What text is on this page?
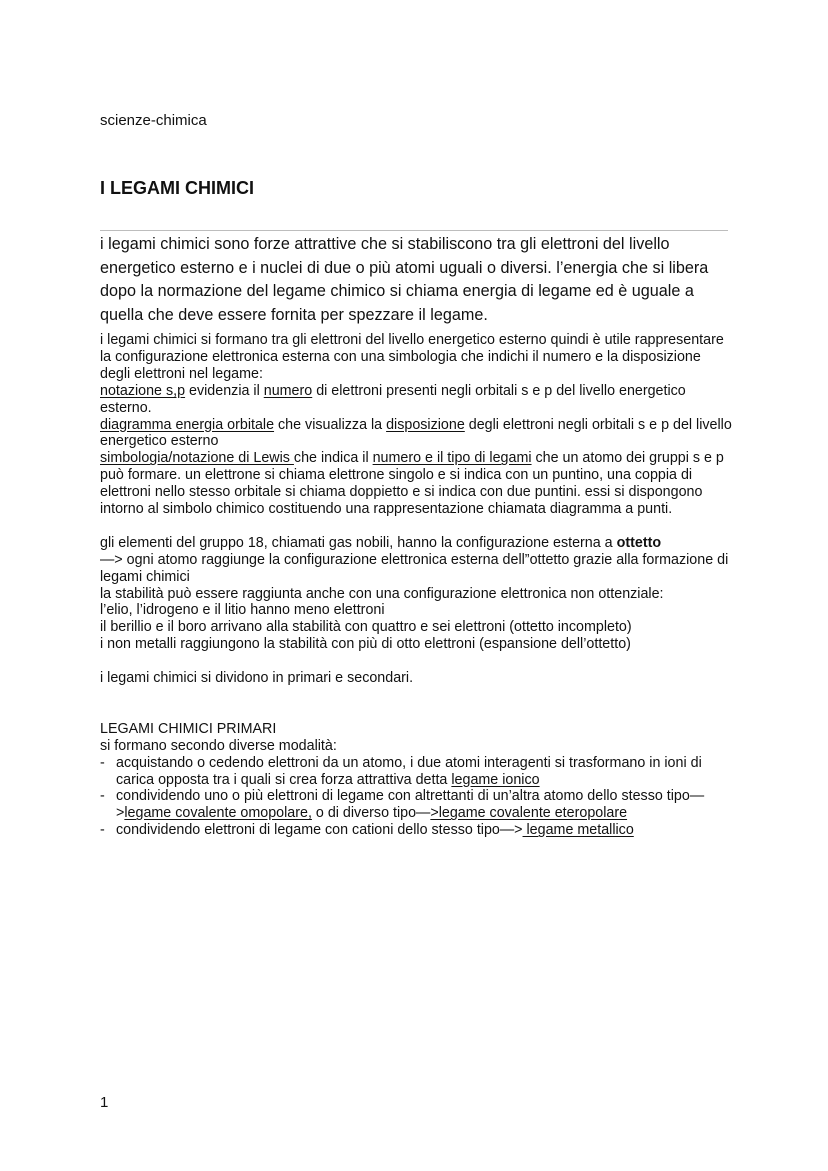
scienze-chimica
I LEGAMI CHIMICI

i legami chimici sono forze attrattive che si stabiliscono tra gli elettroni del livello energetico esterno e i nuclei di due o più atomi uguali o diversi. l’energia che si libera dopo la normazione del legame chimico si chiama energia di legame ed è uguale a quella che deve essere fornita per spezzare il legame.

i legami chimici si formano tra gli elettroni del livello energetico esterno quindi è utile rappresentare la configurazione elettronica esterna con una simbologia che indichi il numero e la disposizione degli elettroni nel legame:

notazione s,p evidenzia il numero di elettroni presenti negli orbitali s e p del livello energetico esterno.

diagramma energia orbitale che visualizza la disposizione degli elettroni negli orbitali s e p del livello energetico esterno

simbologia/notazione di Lewis che indica il numero e il tipo di legami che un atomo dei gruppi s e p può formare. un elettrone si chiama elettrone singolo e si indica con un puntino, una coppia di elettroni nello stesso orbitale si chiama doppietto e si indica con due puntini. essi si dispongono intorno al simbolo chimico costituendo una rappresentazione chiamata diagramma a punti.

gli elementi del gruppo 18, chiamati gas nobili, hanno la configurazione esterna a ottetto
—> ogni atomo raggiunge la configurazione elettronica esterna dell”ottetto grazie alla formazione di legami chimici

la stabilità può essere raggiunta anche con una configurazione elettronica non ottenziale:

l’elio, l’idrogeno e il litio hanno meno elettroni

il berillio e il boro arrivano alla stabilità con quattro e sei elettroni (ottetto incompleto)

i non metalli raggiungono la stabilità con più di otto elettroni (espansione dell’ottetto)

i legami chimici si dividono in primari e secondari.

LEGAMI CHIMICI PRIMARI

si formano secondo diverse modalità:

- acquistando o cedendo elettroni da un atomo, i due atomi interagenti si trasformano in ioni di carica opposta tra i quali si crea forza attrattiva detta legame ionico
- condividendo uno o più elettroni di legame con altrettanti di un’altra atomo dello stesso tipo—>legame covalente omopolare, o di diverso tipo—>legame covalente eteropolare
- condividendo elettroni di legame con cationi dello stesso tipo—> legame metallico
1
